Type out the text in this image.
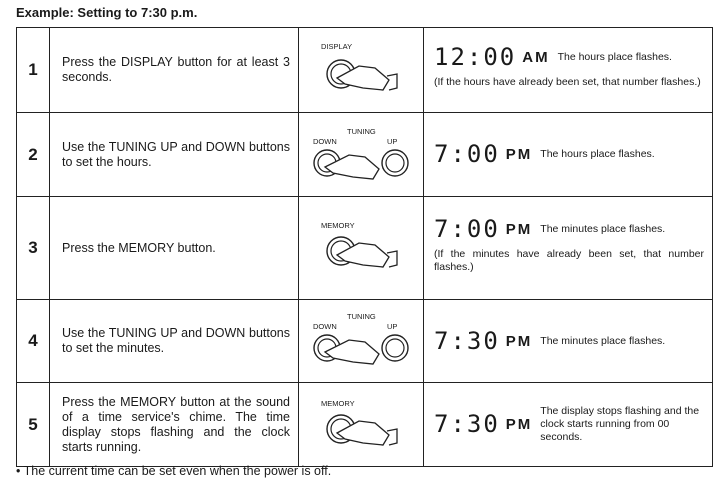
Example: Setting to 7:30 p.m.
1	Press the DISPLAY button for at least 3 seconds.	DISPLAY	12:00 AM The hours place flashes.
(If the hours have already been set, that number flashes.)

2	Use the TUNING UP and DOWN buttons to set the hours.	TUNING
DOWN UP	7:00 PM The hours place flashes.

3	Press the MEMORY button.	MEMORY	7:00 PM The minutes place flashes.
(If the minutes have already been set, that number flashes.)

4	Use the TUNING UP and DOWN buttons to set the minutes.	TUNING
DOWN UP	7:30 PM The minutes place flashes.

5	Press the MEMORY button at the sound of a time service's chime. The time display stops flashing and the clock starts running.	MEMORY	7:30 PM
The display stops flashing and the clock starts running from 00 seconds.
• The current time can be set even when the power is off.
